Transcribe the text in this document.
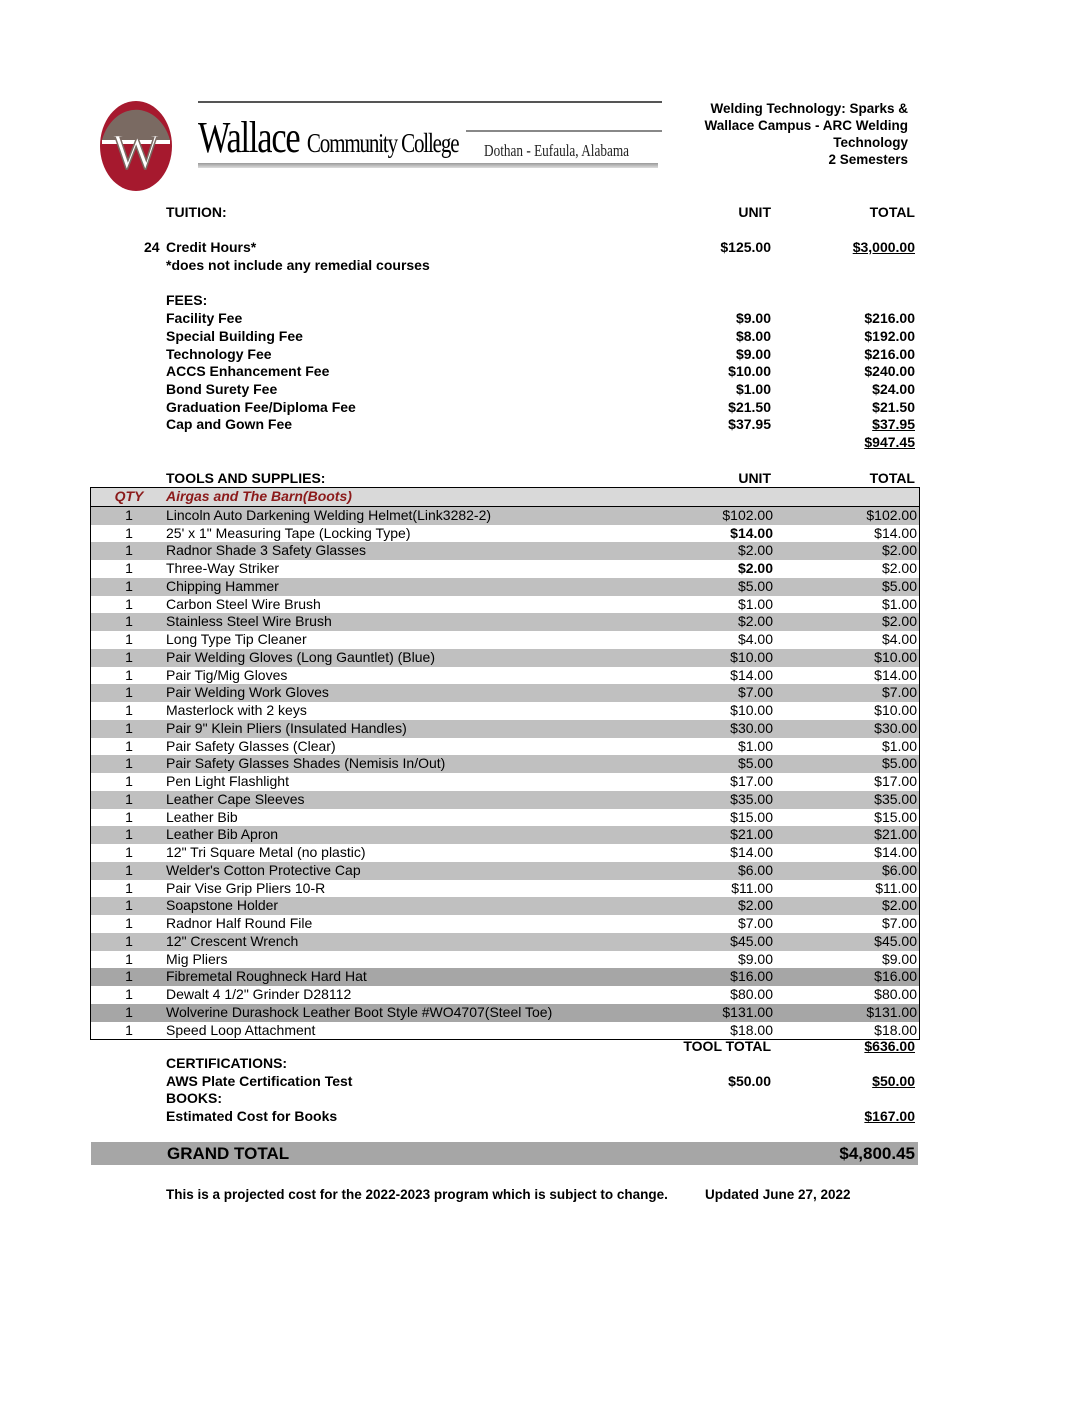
W Wallace Community College	Dothan - Eufaula, Alabama
Welding Technology: Sparks &
Wallace Campus - ARC Welding
Technology
2 Semesters
TUITION:	UNIT	TOTAL
24 Credit Hours*	$125.00	$3,000.00
*does not include any remedial courses
FEES:
Facility Fee	$9.00	$216.00
Special Building Fee	$8.00	$192.00
Technology Fee	$9.00	$216.00
ACCS Enhancement Fee	$10.00	$240.00
Bond Surety Fee	$1.00	$24.00
Graduation Fee/Diploma Fee	$21.50	$21.50
Cap and Gown Fee	$37.95	$37.95
$947.45
TOOLS AND SUPPLIES:	UNIT	TOTAL
QTY	Airgas and The Barn(Boots)
1	Lincoln Auto Darkening Welding Helmet(Link3282-2)	$102.00	$102.00
1	25' x 1" Measuring Tape (Locking Type)	$14.00	$14.00
1	Radnor Shade 3 Safety Glasses	$2.00	$2.00
1	Three-Way Striker	$2.00	$2.00
1	Chipping Hammer	$5.00	$5.00
1	Carbon Steel Wire Brush	$1.00	$1.00
1	Stainless Steel Wire Brush	$2.00	$2.00
1	Long Type Tip Cleaner	$4.00	$4.00
1	Pair Welding Gloves (Long Gauntlet) (Blue)	$10.00	$10.00
1	Pair Tig/Mig Gloves	$14.00	$14.00
1	Pair Welding Work Gloves	$7.00	$7.00
1	Masterlock with 2 keys	$10.00	$10.00
1	Pair 9" Klein Pliers (Insulated Handles)	$30.00	$30.00
1	Pair Safety Glasses (Clear)	$1.00	$1.00
1	Pair Safety Glasses Shades (Nemisis In/Out)	$5.00	$5.00
1	Pen Light Flashlight	$17.00	$17.00
1	Leather Cape Sleeves	$35.00	$35.00
1	Leather Bib	$15.00	$15.00
1	Leather Bib Apron	$21.00	$21.00
1	12" Tri Square Metal (no plastic)	$14.00	$14.00
1	Welder's Cotton Protective Cap	$6.00	$6.00
1	Pair Vise Grip Pliers 10-R	$11.00	$11.00
1	Soapstone Holder	$2.00	$2.00
1	Radnor Half Round File	$7.00	$7.00
1	12" Crescent Wrench	$45.00	$45.00
1	Mig Pliers	$9.00	$9.00
1	Fibremetal Roughneck Hard Hat	$16.00	$16.00
1	Dewalt 4 1/2" Grinder D28112	$80.00	$80.00
1	Wolverine Durashock Leather Boot Style #WO4707(Steel Toe)	$131.00	$131.00
1	Speed Loop Attachment	$18.00	$18.00
TOOL TOTAL	$636.00
CERTIFICATIONS:
AWS Plate Certification Test	$50.00	$50.00
BOOKS:
Estimated Cost for Books	$167.00
GRAND TOTAL	$4,800.45
This is a projected cost for the 2022-2023 program which is subject to change.	Updated June 27, 2022
